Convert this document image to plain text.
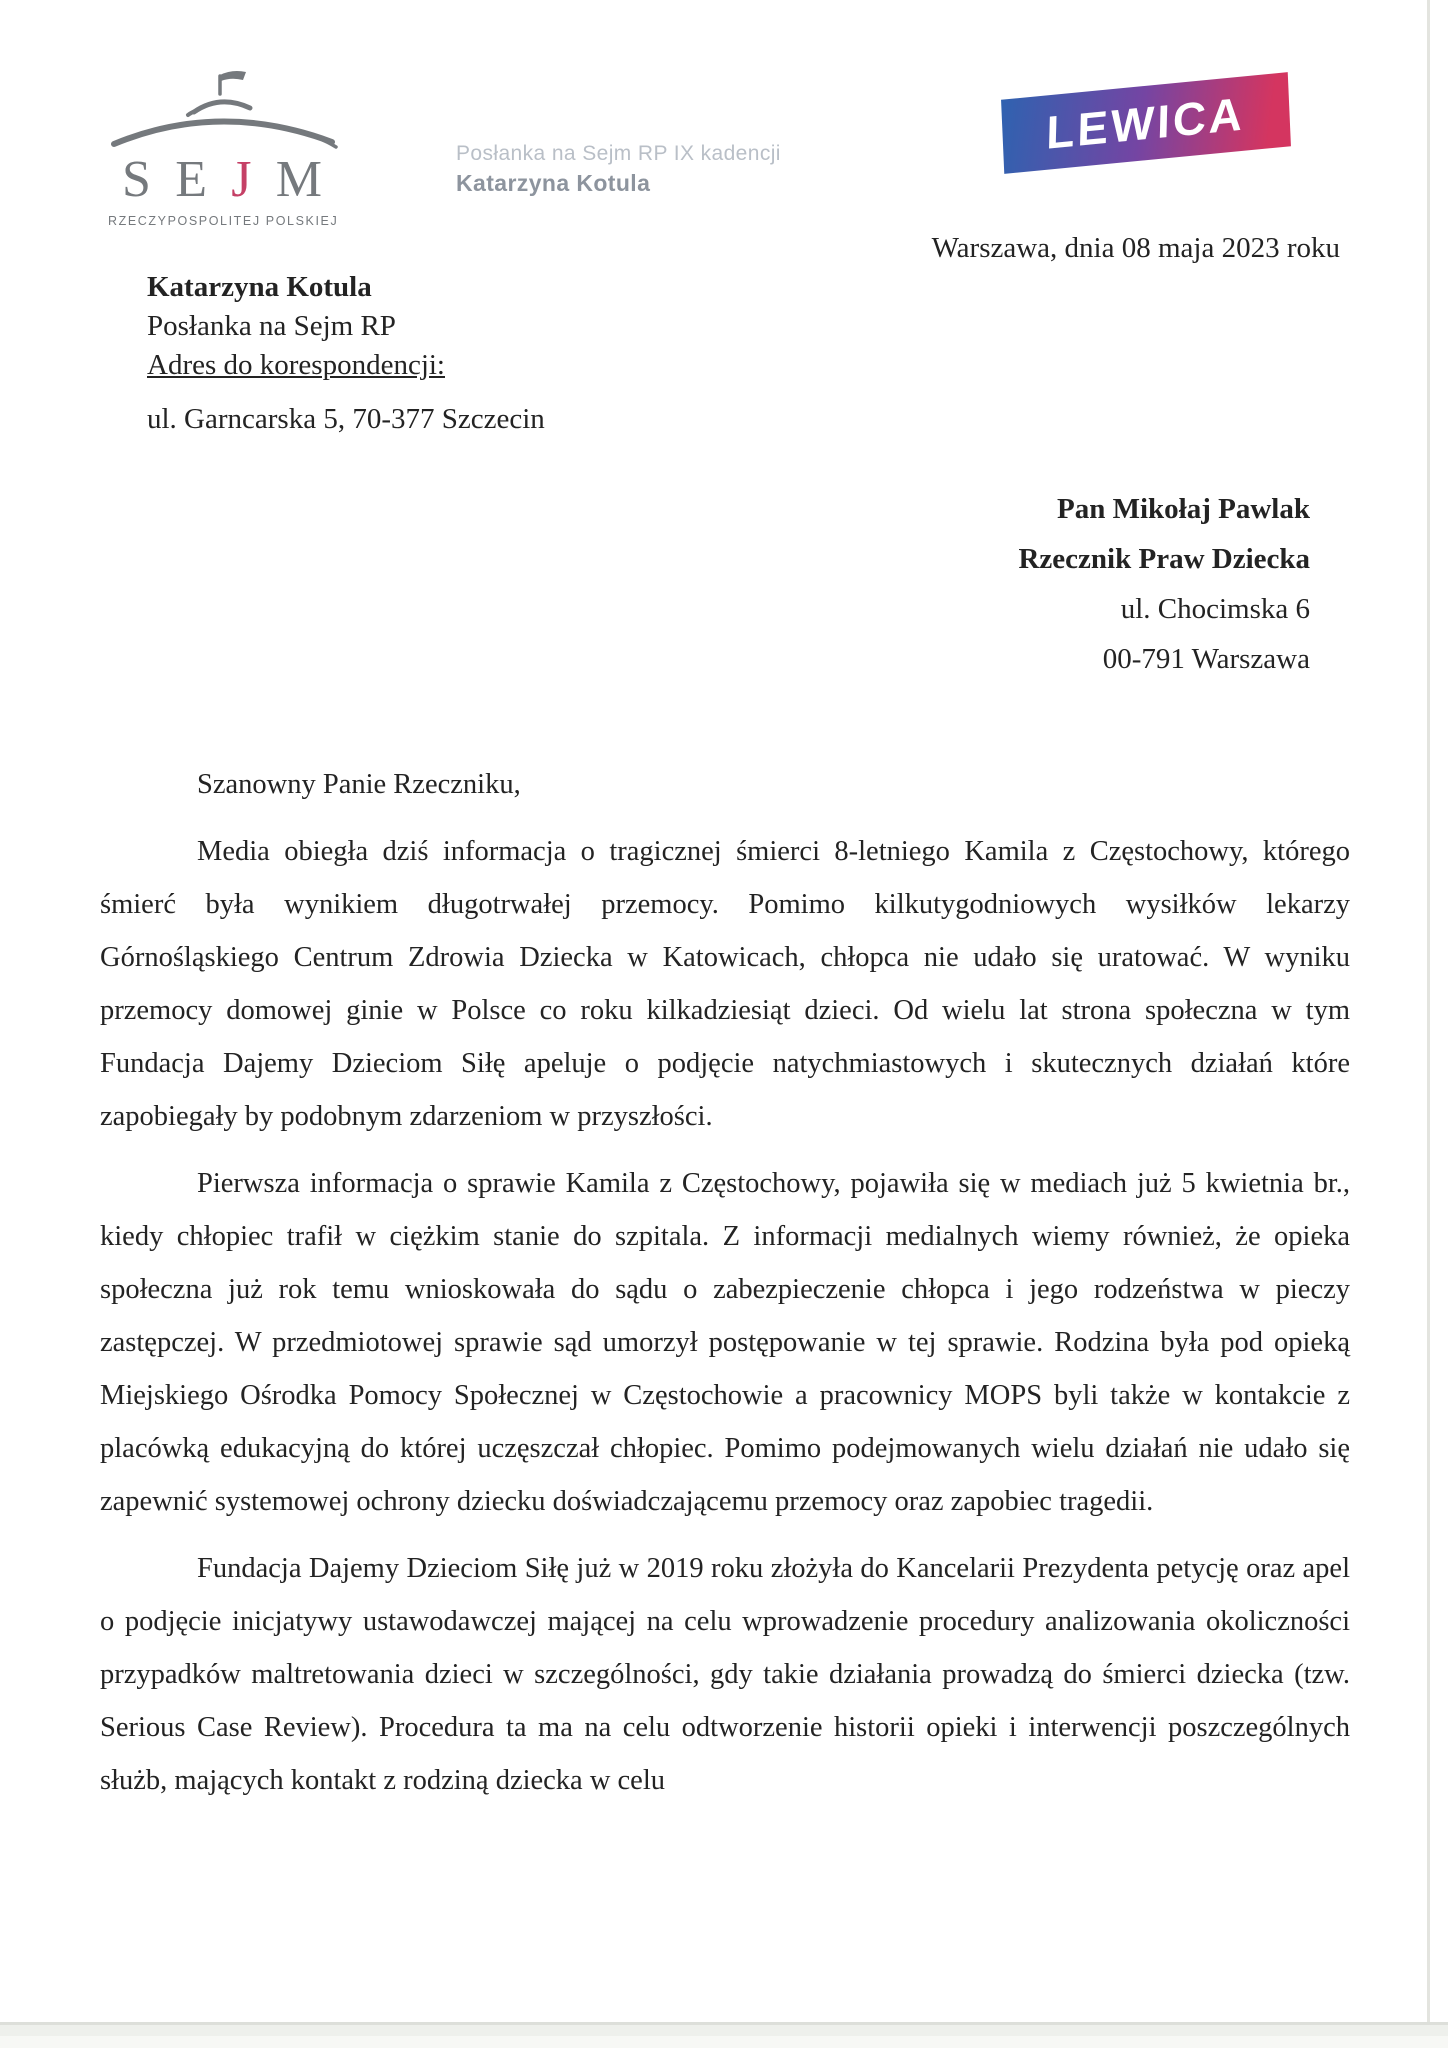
S E J M
RZECZYPOSPOLITEJ POLSKIEJ
Posłanka na Sejm RP IX kadencji
Katarzyna Kotula
LEWICA
Warszawa, dnia 08 maja 2023 roku
Katarzyna Kotula
Posłanka na Sejm RP
Adres do korespondencji:
ul. Garncarska 5, 70-377 Szczecin
Pan Mikołaj Pawlak
Rzecznik Praw Dziecka
ul. Chocimska 6
00-791 Warszawa

Szanowny Panie Rzeczniku,

Media obiegła dziś informacja o tragicznej śmierci 8-letniego Kamila z Częstochowy, którego śmierć była wynikiem długotrwałej przemocy. Pomimo kilkutygodniowych wysiłków lekarzy Górnośląskiego Centrum Zdrowia Dziecka w Katowicach, chłopca nie udało się uratować. W wyniku przemocy domowej ginie w Polsce co roku kilkadziesiąt dzieci. Od wielu lat strona społeczna w tym Fundacja Dajemy Dzieciom Siłę apeluje o podjęcie natychmiastowych i skutecznych działań które zapobiegały by podobnym zdarzeniom w przyszłości.

Pierwsza informacja o sprawie Kamila z Częstochowy, pojawiła się w mediach już 5 kwietnia br., kiedy chłopiec trafił w ciężkim stanie do szpitala. Z informacji medialnych wiemy również, że opieka społeczna już rok temu wnioskowała do sądu o zabezpieczenie chłopca i jego rodzeństwa w pieczy zastępczej. W przedmiotowej sprawie sąd umorzył postępowanie w tej sprawie. Rodzina była pod opieką Miejskiego Ośrodka Pomocy Społecznej w Częstochowie a pracownicy MOPS byli także w kontakcie z placówką edukacyjną do której uczęszczał chłopiec. Pomimo podejmowanych wielu działań nie udało się zapewnić systemowej ochrony dziecku doświadczającemu przemocy oraz zapobiec tragedii.

Fundacja Dajemy Dzieciom Siłę już w 2019 roku złożyła do Kancelarii Prezydenta petycję oraz apel o podjęcie inicjatywy ustawodawczej mającej na celu wprowadzenie procedury analizowania okoliczności przypadków maltretowania dzieci w szczególności, gdy takie działania prowadzą do śmierci dziecka (tzw. Serious Case Review). Procedura ta ma na celu odtworzenie historii opieki i interwencji poszczególnych służb, mających kontakt z rodziną dziecka w celu
